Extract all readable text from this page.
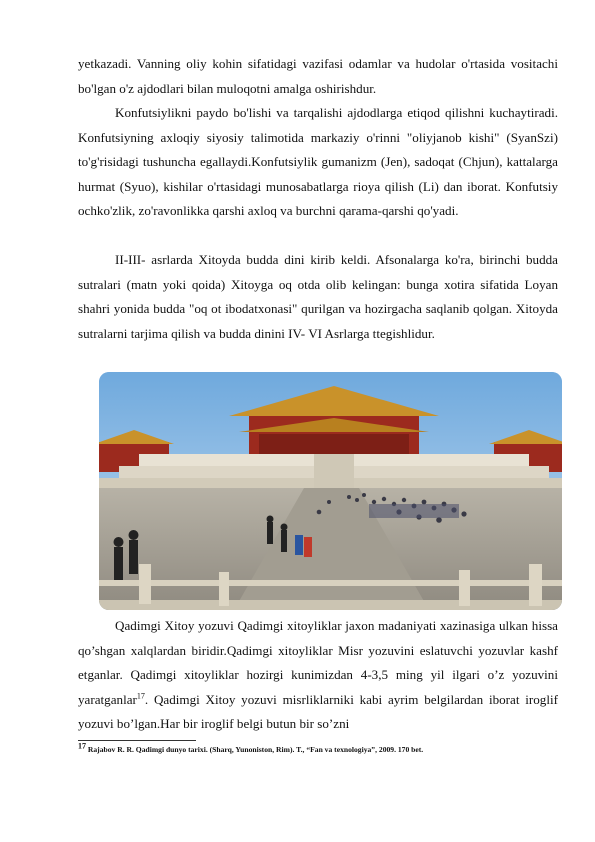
yetkazadi. Vanning oliy kohin sifatidagi vazifasi odamlar va hudolar o'rtasida vositachi bo'lgan o'z ajdodlari bilan muloqotni amalga oshirishdur.

Konfutsiylikni paydo bo'lishi va tarqalishi ajdodlarga etiqod qilishni kuchaytiradi. Konfutsiyning axloqiy siyosiy talimotida markaziy o'rinni "oliyjanob kishi" (SyanSzi) to'g'risidagi tushuncha egallaydi.Konfutsiylik gumanizm (Jen), sadoqat (Chjun), kattalarga hurmat (Syuo), kishilar o'rtasidagi munosabatlarga rioya qilish (Li) dan iborat. Konfutsiy ochko'zlik, zo'ravonlikka qarshi axloq va burchni qarama-qarshi qo'yadi.

II-III- asrlarda Xitoyda budda dini kirib keldi. Afsonalarga ko'ra, birinchi budda sutralari (matn yoki qoida) Xitoyga oq otda olib kelingan: bunga xotira sifatida Loyan shahri yonida budda "oq ot ibodatxonasi" qurilgan va hozirgacha saqlanib qolgan. Xitoyda sutralarni tarjima qilish va budda dinini IV- VI Asrlarga ttegishlidur.

Qadimgi Xitoy yozuvi Qadimgi xitoyliklar jaxon madaniyati xazinasiga ulkan hissa qo’shgan xalqlardan biridir.Qadimgi xitoyliklar Misr yozuvini eslatuvchi yozuvlar kashf etganlar. Qadimgi xitoyliklar hozirgi kunimizdan 4-3,5 ming yil ilgari o’z yozuvini yaratganlar$^{17}$. Qadimgi Xitoy yozuvi misrliklarniki kabi ayrim belgilardan iborat iroglif yozuvi bo’lgan.Har bir iroglif belgi butun bir so’zni

$^{17}$ Rajabov R. R. Qadimgi dunyo tarixi. (Sharq, Yunoniston, Rim). T., “Fan va texnologiya”, 2009. 170 bet.
